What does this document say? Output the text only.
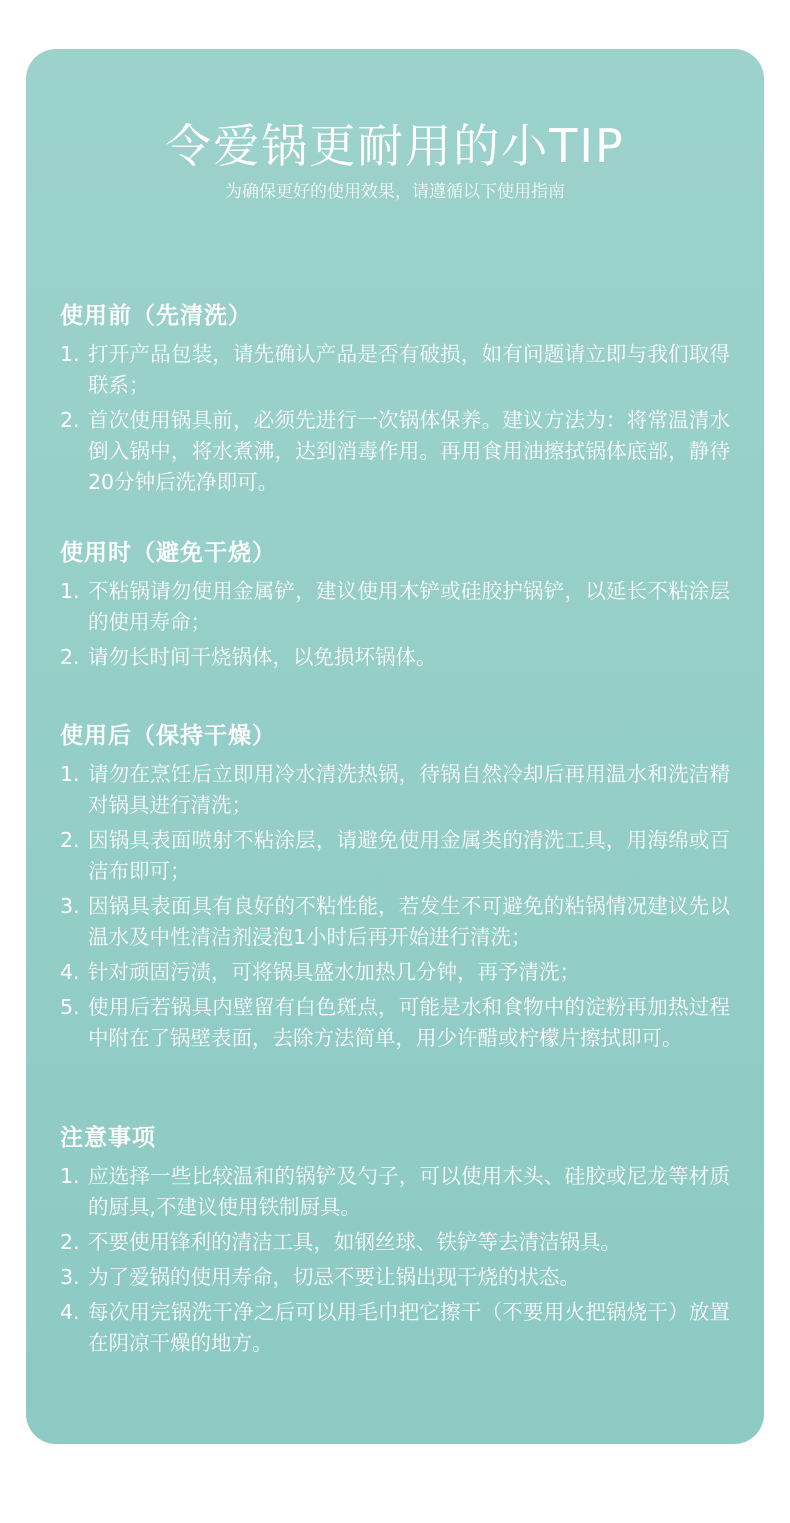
令爱锅更耐用的小TIP

为确保更好的使用效果，请遵循以下使用指南

使用前（先清洗）
1. 打开产品包装，请先确认产品是否有破损，如有问题请立即与我们取得联系；
2. 首次使用锅具前，必须先进行一次锅体保养。建议方法为：将常温清水倒入锅中，将水煮沸，达到消毒作用。再用食用油擦拭锅体底部，静待20分钟后洗净即可。
使用时（避免干烧）
1. 不粘锅请勿使用金属铲，建议使用木铲或硅胶护锅铲，以延长不粘涂层的使用寿命；
2. 请勿长时间干烧锅体，以免损坏锅体。
使用后（保持干燥）
1. 请勿在烹饪后立即用冷水清洗热锅，待锅自然冷却后再用温水和洗洁精对锅具进行清洗；
2. 因锅具表面喷射不粘涂层，请避免使用金属类的清洗工具，用海绵或百洁布即可；
3. 因锅具表面具有良好的不粘性能，若发生不可避免的粘锅情况建议先以温水及中性清洁剂浸泡1小时后再开始进行清洗；
4. 针对顽固污渍，可将锅具盛水加热几分钟，再予清洗；
5. 使用后若锅具内壁留有白色斑点，可能是水和食物中的淀粉再加热过程中附在了锅壁表面，去除方法简单，用少许醋或柠檬片擦拭即可。
注意事项
1. 应选择一些比较温和的锅铲及勺子，可以使用木头、硅胶或尼龙等材质的厨具,不建议使用铁制厨具。
2. 不要使用锋利的清洁工具，如钢丝球、铁铲等去清洁锅具。
3. 为了爱锅的使用寿命，切忌不要让锅出现干烧的状态。
4. 每次用完锅洗干净之后可以用毛巾把它擦干（不要用火把锅烧干）放置在阴凉干燥的地方。
